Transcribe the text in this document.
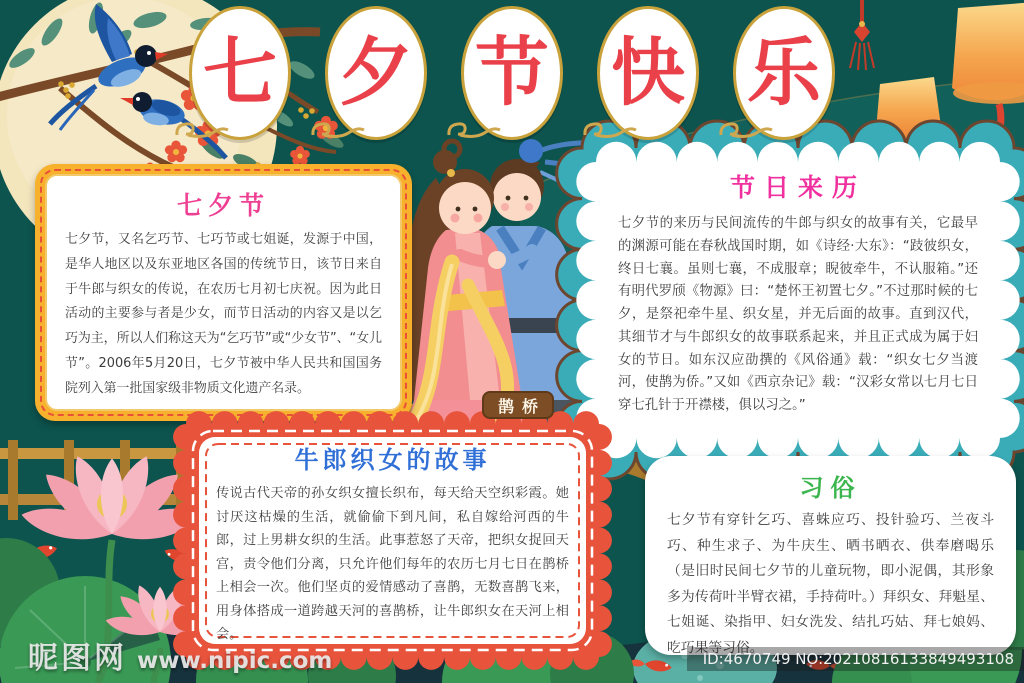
七 夕 节 快 乐
七夕节

七夕节，又名乞巧节、七巧节或七姐诞，发源于中国，是华人地区以及东亚地区各国的传统节日，该节日来自于牛郎与织女的传说，在农历七月初七庆祝。因为此日活动的主要参与者是少女，而节日活动的内容又是以乞巧为主，所以人们称这天为“乞巧节”或“少女节”、“女儿节”。2006年5月20日，七夕节被中华人民共和国国务院列入第一批国家级非物质文化遗产名录。

节日来历

七夕节的来历与民间流传的牛郎与织女的故事有关，它最早的渊源可能在春秋战国时期，如《诗经·大东》：“跂彼织女，终日七襄。虽则七襄，不成服章；睨彼牵牛，不认服箱。”还有明代罗颀《物源》曰：“楚怀王初置七夕。”不过那时候的七夕，是祭祀牵牛星、织女星，并无后面的故事。直到汉代，其细节才与牛郎织女的故事联系起来，并且正式成为属于妇女的节日。如东汉应劭撰的《风俗通》载：“织女七夕当渡河，使鹊为侨。”又如《西京杂记》载：“汉彩女常以七月七日穿七孔针于开襟楼，俱以习之。”

牛郎织女的故事

传说古代天帝的孙女织女擅长织布，每天给天空织彩霞。她讨厌这枯燥的生活，就偷偷下到凡间，私自嫁给河西的牛郎，过上男耕女织的生活。此事惹怒了天帝，把织女捉回天宫，责令他们分离，只允许他们每年的农历七月七日在鹊桥上相会一次。他们坚贞的爱情感动了喜鹊，无数喜鹊飞来，用身体搭成一道跨越天河的喜鹊桥，让牛郎织女在天河上相会。

习俗

七夕节有穿针乞巧、喜蛛应巧、投针验巧、兰夜斗巧、种生求子、为牛庆生、晒书晒衣、供奉磨喝乐（是旧时民间七夕节的儿童玩物，即小泥偶，其形象多为传荷叶半臂衣裙，手持荷叶。）拜织女、拜魁星、七姐诞、染指甲、妇女洗发、结扎巧姑、拜七娘妈、吃巧果等习俗。

鹊桥
昵图网 www.nipic.com	ID:4670749 NO:20210816133849493108
